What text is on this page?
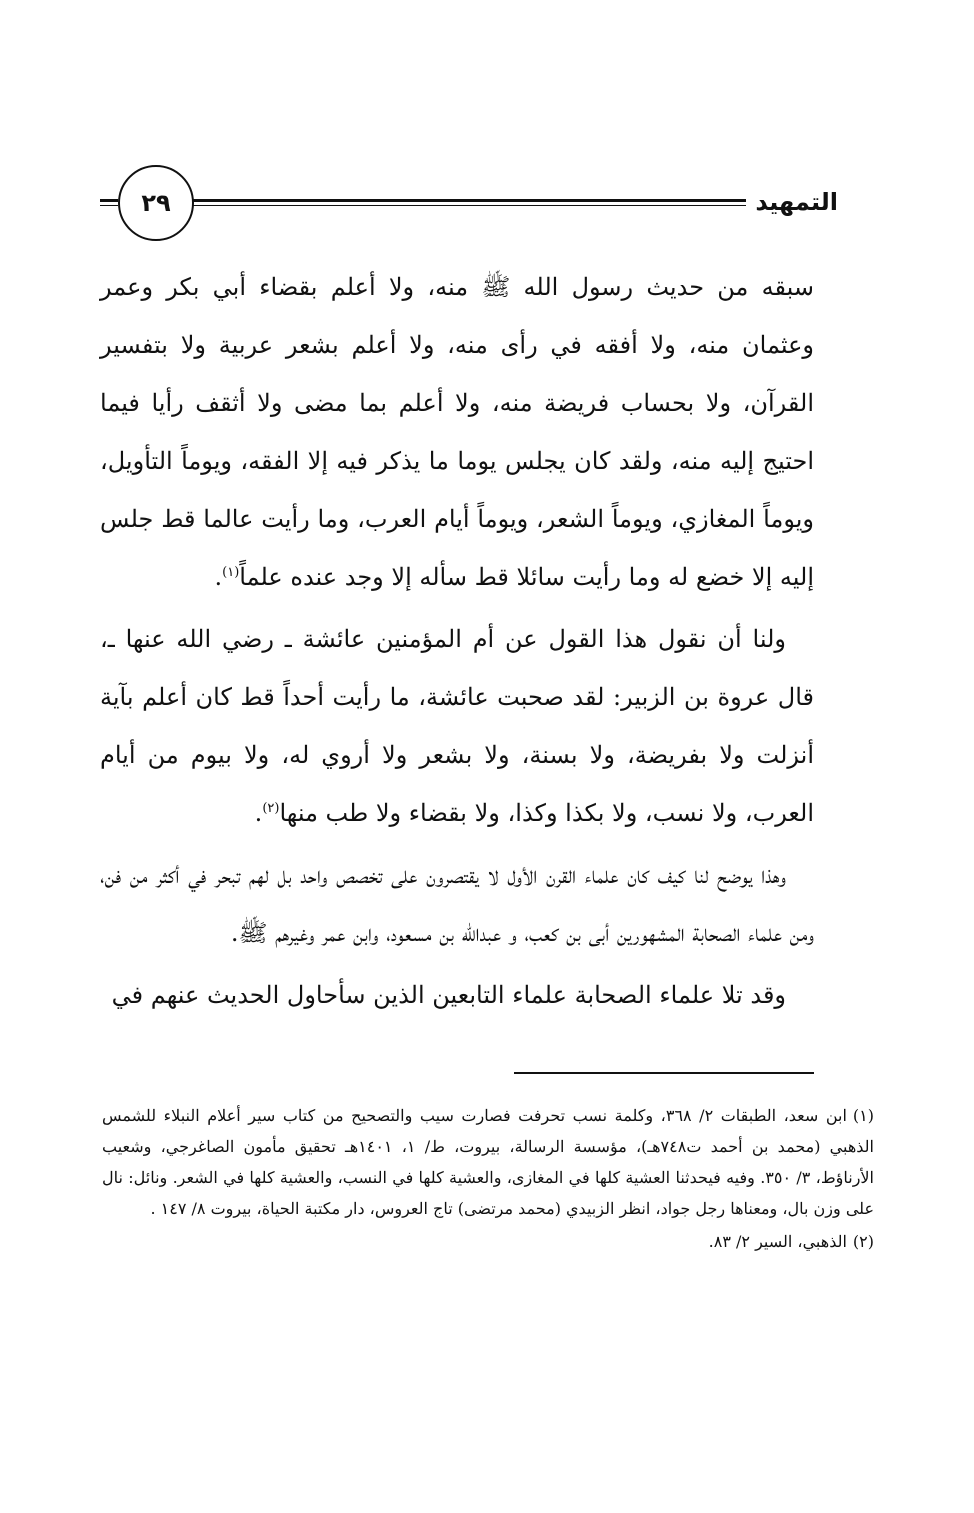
التمهيد
٢٩

سبقه من حديث رسول الله ﷺ منه، ولا أعلم بقضاء أبي بكر وعمر وعثمان منه، ولا أفقه في رأى منه، ولا أعلم بشعر عربية ولا بتفسير القرآن، ولا بحساب فريضة منه، ولا أعلم بما مضى ولا أثقف رأيا فيما احتيج إليه منه، ولقد كان يجلس يوما ما يذكر فيه إلا الفقه، ويوماً التأويل، ويوماً المغازي، ويوماً الشعر، ويوماً أيام العرب، وما رأيت عالما قط جلس إليه إلا خضع له وما رأيت سائلا قط سأله إلا وجد عنده علماً$^{(١)}$.

ولنا أن نقول هذا القول عن أم المؤمنين عائشة ـ رضي الله عنها ـ، قال عروة بن الزبير: لقد صحبت عائشة، ما رأيت أحداً قط كان أعلم بآية أنزلت ولا بفريضة، ولا بسنة، ولا بشعر ولا أروي له، ولا بيوم من أيام العرب، ولا نسب، ولا بكذا وكذا، ولا بقضاء ولا طب منها$^{(٢)}$.

وهذا يوضح لنا كيف كان علماء القرن الأول لا يقتصرون على تخصص واحد بل لهم تبحر في أكثر من فن، ومن علماء الصحابة المشهورين أبى بن كعب، و عبدالله بن مسعود، وابن عمر وغيرهم ﷺ.

وقد تلا علماء الصحابة علماء التابعين الذين سأحاول الحديث عنهم في

(١)ابن سعد، الطبقات ٢/ ٣٦٨، وكلمة نسب تحرفت فصارت سيب والتصحيح من كتاب سير أعلام النبلاء للشمس الذهبي (محمد بن أحمد ت٧٤٨هـ)، مؤسسة الرسالة، بيروت، ط/ ١، ١٤٠١هـ تحقيق مأمون الصاغرجي، وشعيب الأرناؤط، ٣/ ٣٥٠. وفيه فيحدثنا العشية كلها في المغازى، والعشية كلها في النسب، والعشية كلها في الشعر. ونائل: نال على وزن بال، ومعناها رجل جواد، انظر الزبيدي (محمد مرتضى) تاج العروس، دار مكتبة الحياة، بيروت ٨/ ١٤٧ .
(٢)الذهبي، السير ٢/ ٨٣.
